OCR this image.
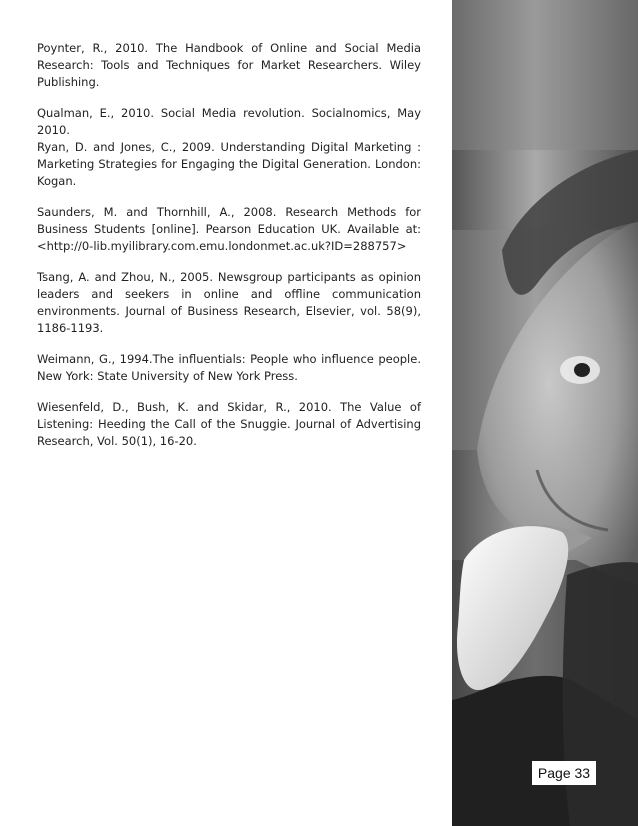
Poynter, R., 2010. The Handbook of Online and Social Media Research: Tools and Techniques for Market Researchers. Wiley Publishing.

Qualman, E., 2010. Social Media revolution. Socialnomics, May 2010.

Ryan, D. and Jones, C., 2009. Understanding Digital Marketing : Marketing Strategies for Engaging the Digital Generation. London: Kogan.

Saunders, M. and Thornhill, A., 2008. Research Methods for Business Students [online]. Pearson Education UK. Available at:<http://0-lib.myilibrary.com.emu.londonmet.ac.uk?ID=288757>

Tsang, A. and Zhou, N., 2005. Newsgroup participants as opinion leaders and seekers in online and offline communication environments. Journal of Business Research, Elsevier, vol. 58(9), 1186-1193.

Weimann, G., 1994.The influentials: People who influence people. New York: State University of New York Press.

Wiesenfeld, D., Bush, K. and Skidar, R., 2010. The Value of Listening: Heeding the Call of the Snuggie. Journal of Advertising Research, Vol. 50(1), 16-20.

Page 33
